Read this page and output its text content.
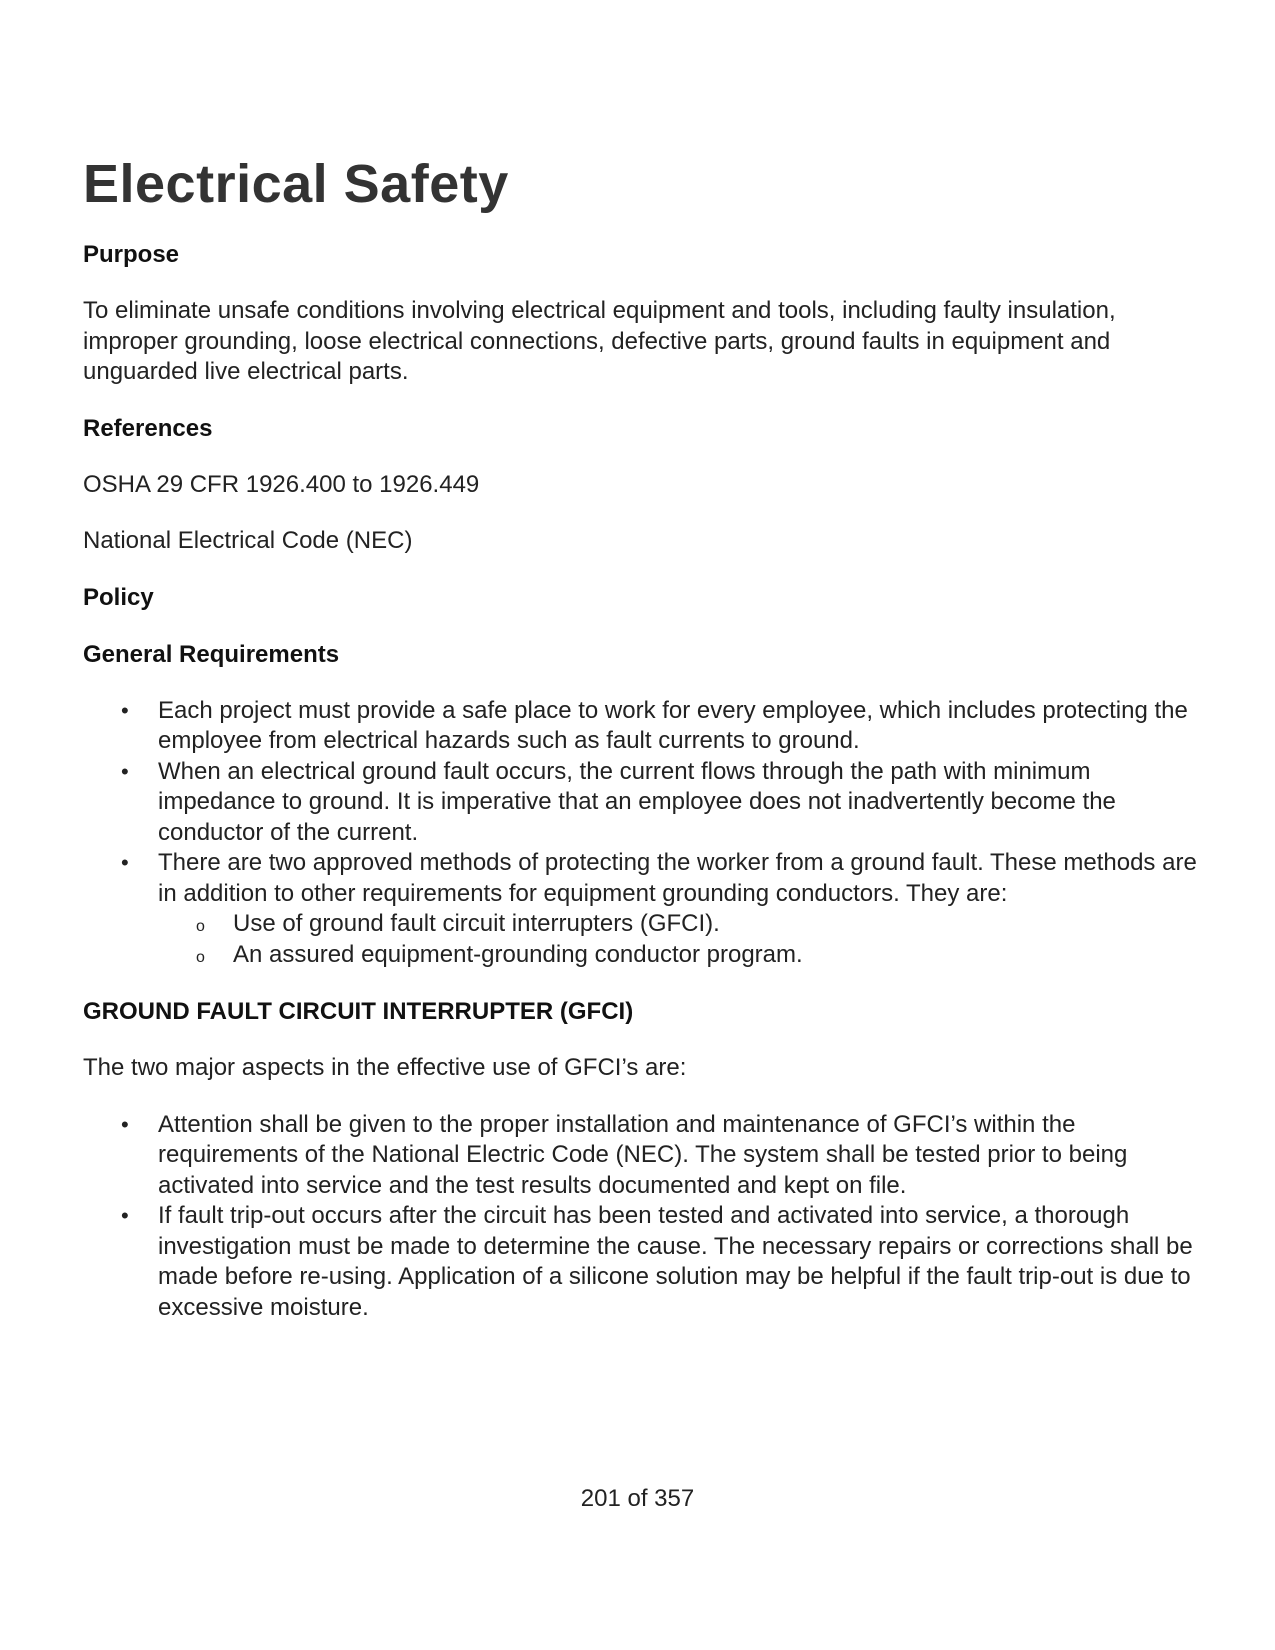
Electrical Safety

Purpose

To eliminate unsafe conditions involving electrical equipment and tools, including faulty insulation, improper grounding, loose electrical connections, defective parts, ground faults in equipment and unguarded live electrical parts.

References

OSHA 29 CFR 1926.400 to 1926.449

National Electrical Code (NEC)

Policy

General Requirements

• Each project must provide a safe place to work for every employee, which includes protecting the employee from electrical hazards such as fault currents to ground.
• When an electrical ground fault occurs, the current flows through the path with minimum impedance to ground. It is imperative that an employee does not inadvertently become the conductor of the current.
• There are two approved methods of protecting the worker from a ground fault. These methods are in addition to other requirements for equipment grounding conductors. They are:
o Use of ground fault circuit interrupters (GFCI).
o An assured equipment-grounding conductor program.

GROUND FAULT CIRCUIT INTERRUPTER (GFCI)

The two major aspects in the effective use of GFCI’s are:

• Attention shall be given to the proper installation and maintenance of GFCI’s within the requirements of the National Electric Code (NEC). The system shall be tested prior to being activated into service and the test results documented and kept on file.
• If fault trip-out occurs after the circuit has been tested and activated into service, a thorough investigation must be made to determine the cause. The necessary repairs or corrections shall be made before re-using. Application of a silicone solution may be helpful if the fault trip-out is due to excessive moisture.
201 of 357
